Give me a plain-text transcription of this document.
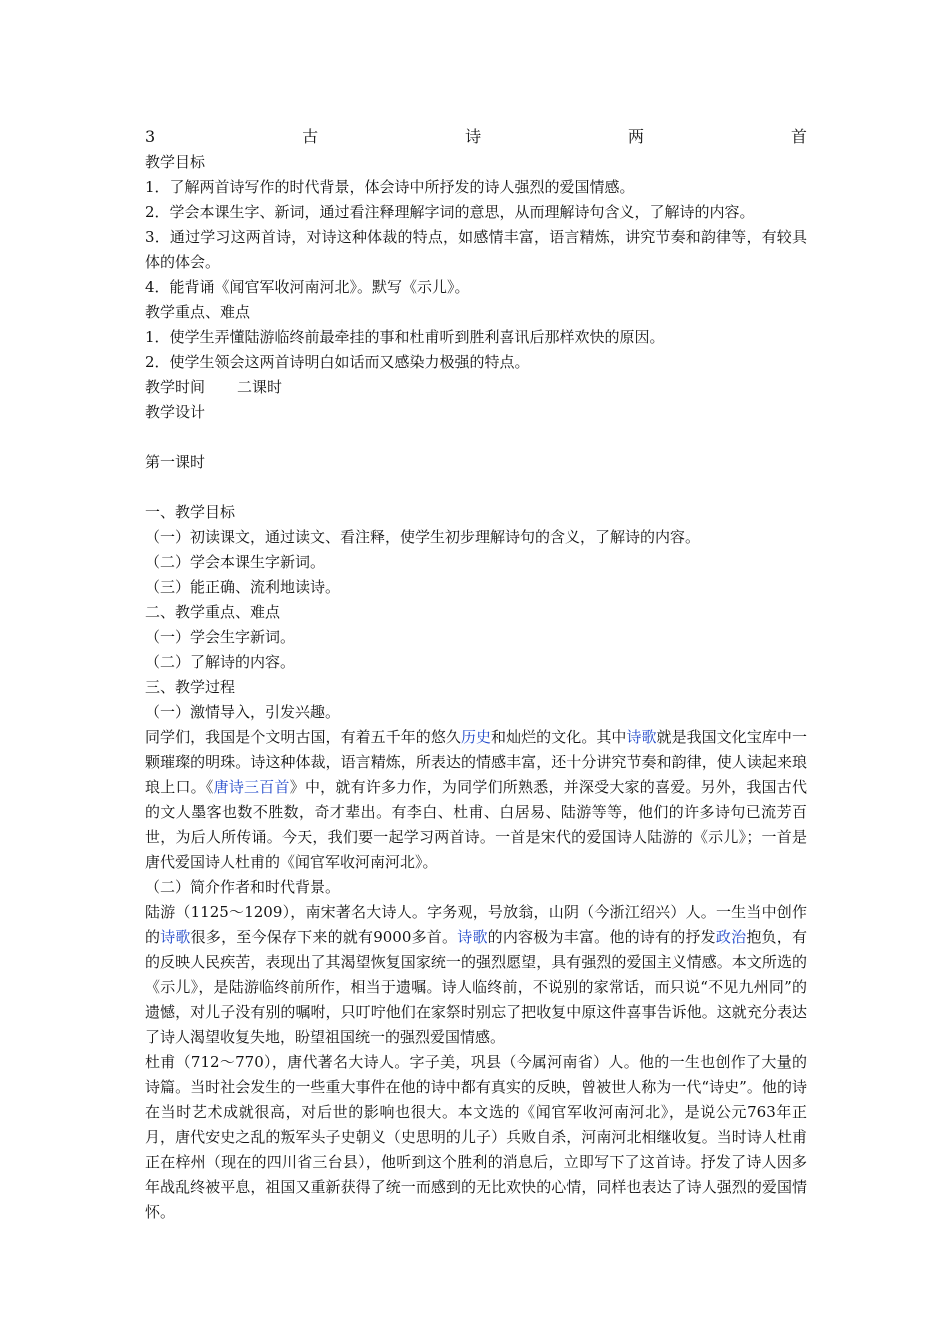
3	古	诗	两	首
教学目标
1．了解两首诗写作的时代背景，体会诗中所抒发的诗人强烈的爱国情感。
2．学会本课生字、新词，通过看注释理解字词的意思，从而理解诗句含义，了解诗的内容。
3．通过学习这两首诗，对诗这种体裁的特点，如感情丰富，语言精炼，讲究节奏和韵律等，有较具体的体会。
4．能背诵《闻官军收河南河北》。默写《示儿》。
教学重点、难点
1．使学生弄懂陆游临终前最牵挂的事和杜甫听到胜利喜讯后那样欢快的原因。
2．使学生领会这两首诗明白如话而又感染力极强的特点。
教学时间 二课时
教学设计
第一课时
一、教学目标
（一）初读课文，通过读文、看注释，使学生初步理解诗句的含义，了解诗的内容。
（二）学会本课生字新词。
（三）能正确、流利地读诗。
二、教学重点、难点
（一）学会生字新词。
（二）了解诗的内容。
三、教学过程
（一）激情导入，引发兴趣。
同学们，我国是个文明古国，有着五千年的悠久历史和灿烂的文化。其中诗歌就是我国文化宝库中一颗璀璨的明珠。诗这种体裁，语言精炼，所表达的情感丰富，还十分讲究节奏和韵律，使人读起来琅琅上口。《唐诗三百首》中，就有许多力作，为同学们所熟悉，并深受大家的喜爱。另外，我国古代的文人墨客也数不胜数，奇才辈出。有李白、杜甫、白居易、陆游等等，他们的许多诗句已流芳百世，为后人所传诵。今天，我们要一起学习两首诗。一首是宋代的爱国诗人陆游的《示儿》；一首是唐代爱国诗人杜甫的《闻官军收河南河北》。
（二）简介作者和时代背景。
陆游（1125～1209），南宋著名大诗人。字务观，号放翁，山阴（今浙江绍兴）人。一生当中创作的诗歌很多，至今保存下来的就有9000多首。诗歌的内容极为丰富。他的诗有的抒发政治抱负，有的反映人民疾苦，表现出了其渴望恢复国家统一的强烈愿望，具有强烈的爱国主义情感。本文所选的《示儿》，是陆游临终前所作，相当于遗嘱。诗人临终前，不说别的家常话，而只说“不见九州同”的遗憾，对儿子没有别的嘱咐，只叮咛他们在家祭时别忘了把收复中原这件喜事告诉他。这就充分表达了诗人渴望收复失地，盼望祖国统一的强烈爱国情感。
杜甫（712～770），唐代著名大诗人。字子美，巩县（今属河南省）人。他的一生也创作了大量的诗篇。当时社会发生的一些重大事件在他的诗中都有真实的反映，曾被世人称为一代“诗史”。他的诗在当时艺术成就很高，对后世的影响也很大。本文选的《闻官军收河南河北》，是说公元763年正月，唐代安史之乱的叛军头子史朝义（史思明的儿子）兵败自杀，河南河北相继收复。当时诗人杜甫正在梓州（现在的四川省三台县），他听到这个胜利的消息后，立即写下了这首诗。抒发了诗人因多年战乱终被平息，祖国又重新获得了统一而感到的无比欢快的心情，同样也表达了诗人强烈的爱国情怀。
